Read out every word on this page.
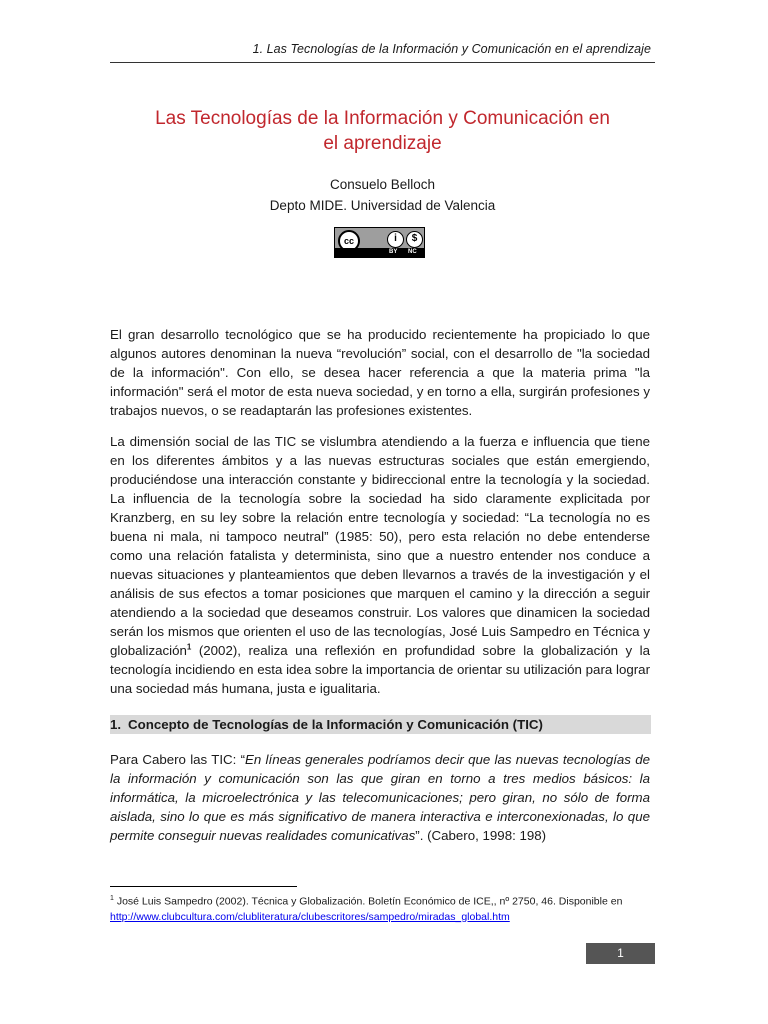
1. Las Tecnologías de la Información y Comunicación en el aprendizaje
Las Tecnologías de la Información y Comunicación en
el aprendizaje
Consuelo Belloch
Depto MIDE. Universidad de Valencia
cc	i	$
BY NC

El gran desarrollo tecnológico que se ha producido recientemente ha propiciado lo que algunos autores denominan la nueva “revolución” social, con el desarrollo de "la sociedad de la información". Con ello, se desea hacer referencia a que la materia prima "la información" será el motor de esta nueva sociedad, y en torno a ella, surgirán profesiones y trabajos nuevos, o se readaptarán las profesiones existentes.

La dimensión social de las TIC se vislumbra atendiendo a la fuerza e influencia que tiene en los diferentes ámbitos y a las nuevas estructuras sociales que están emergiendo, produciéndose una interacción constante y bidireccional entre la tecnología y la sociedad. La influencia de la tecnología sobre la sociedad ha sido claramente explicitada por Kranzberg, en su ley sobre la relación entre tecnología y sociedad: “La tecnología no es buena ni mala, ni tampoco neutral” (1985: 50), pero esta relación no debe entenderse como una relación fatalista y determinista, sino que a nuestro entender nos conduce a nuevas situaciones y planteamientos que deben llevarnos a través de la investigación y el análisis de sus efectos a tomar posiciones que marquen el camino y la dirección a seguir atendiendo a la sociedad que deseamos construir. Los valores que dinamicen la sociedad serán los mismos que orienten el uso de las tecnologías, José Luis Sampedro en Técnica y globalización$^1$ (2002), realiza una reflexión en profundidad sobre la globalización y la tecnología incidiendo en esta idea sobre la importancia de orientar su utilización para lograr una sociedad más humana, justa e igualitaria.

1. Concepto de Tecnologías de la Información y Comunicación (TIC)

Para Cabero las TIC: “En líneas generales podríamos decir que las nuevas tecnologías de la información y comunicación son las que giran en torno a tres medios básicos: la informática, la microelectrónica y las telecomunicaciones; pero giran, no sólo de forma aislada, sino lo que es más significativo de manera interactiva e interconexionadas, lo que permite conseguir nuevas realidades comunicativas”. (Cabero, 1998: 198)

$^1$ José Luis Sampedro (2002). Técnica y Globalización. Boletín Económico de ICE,, nº 2750, 46. Disponible en
http://www.clubcultura.com/clubliteratura/clubescritores/sampedro/miradas_global.htm
1
